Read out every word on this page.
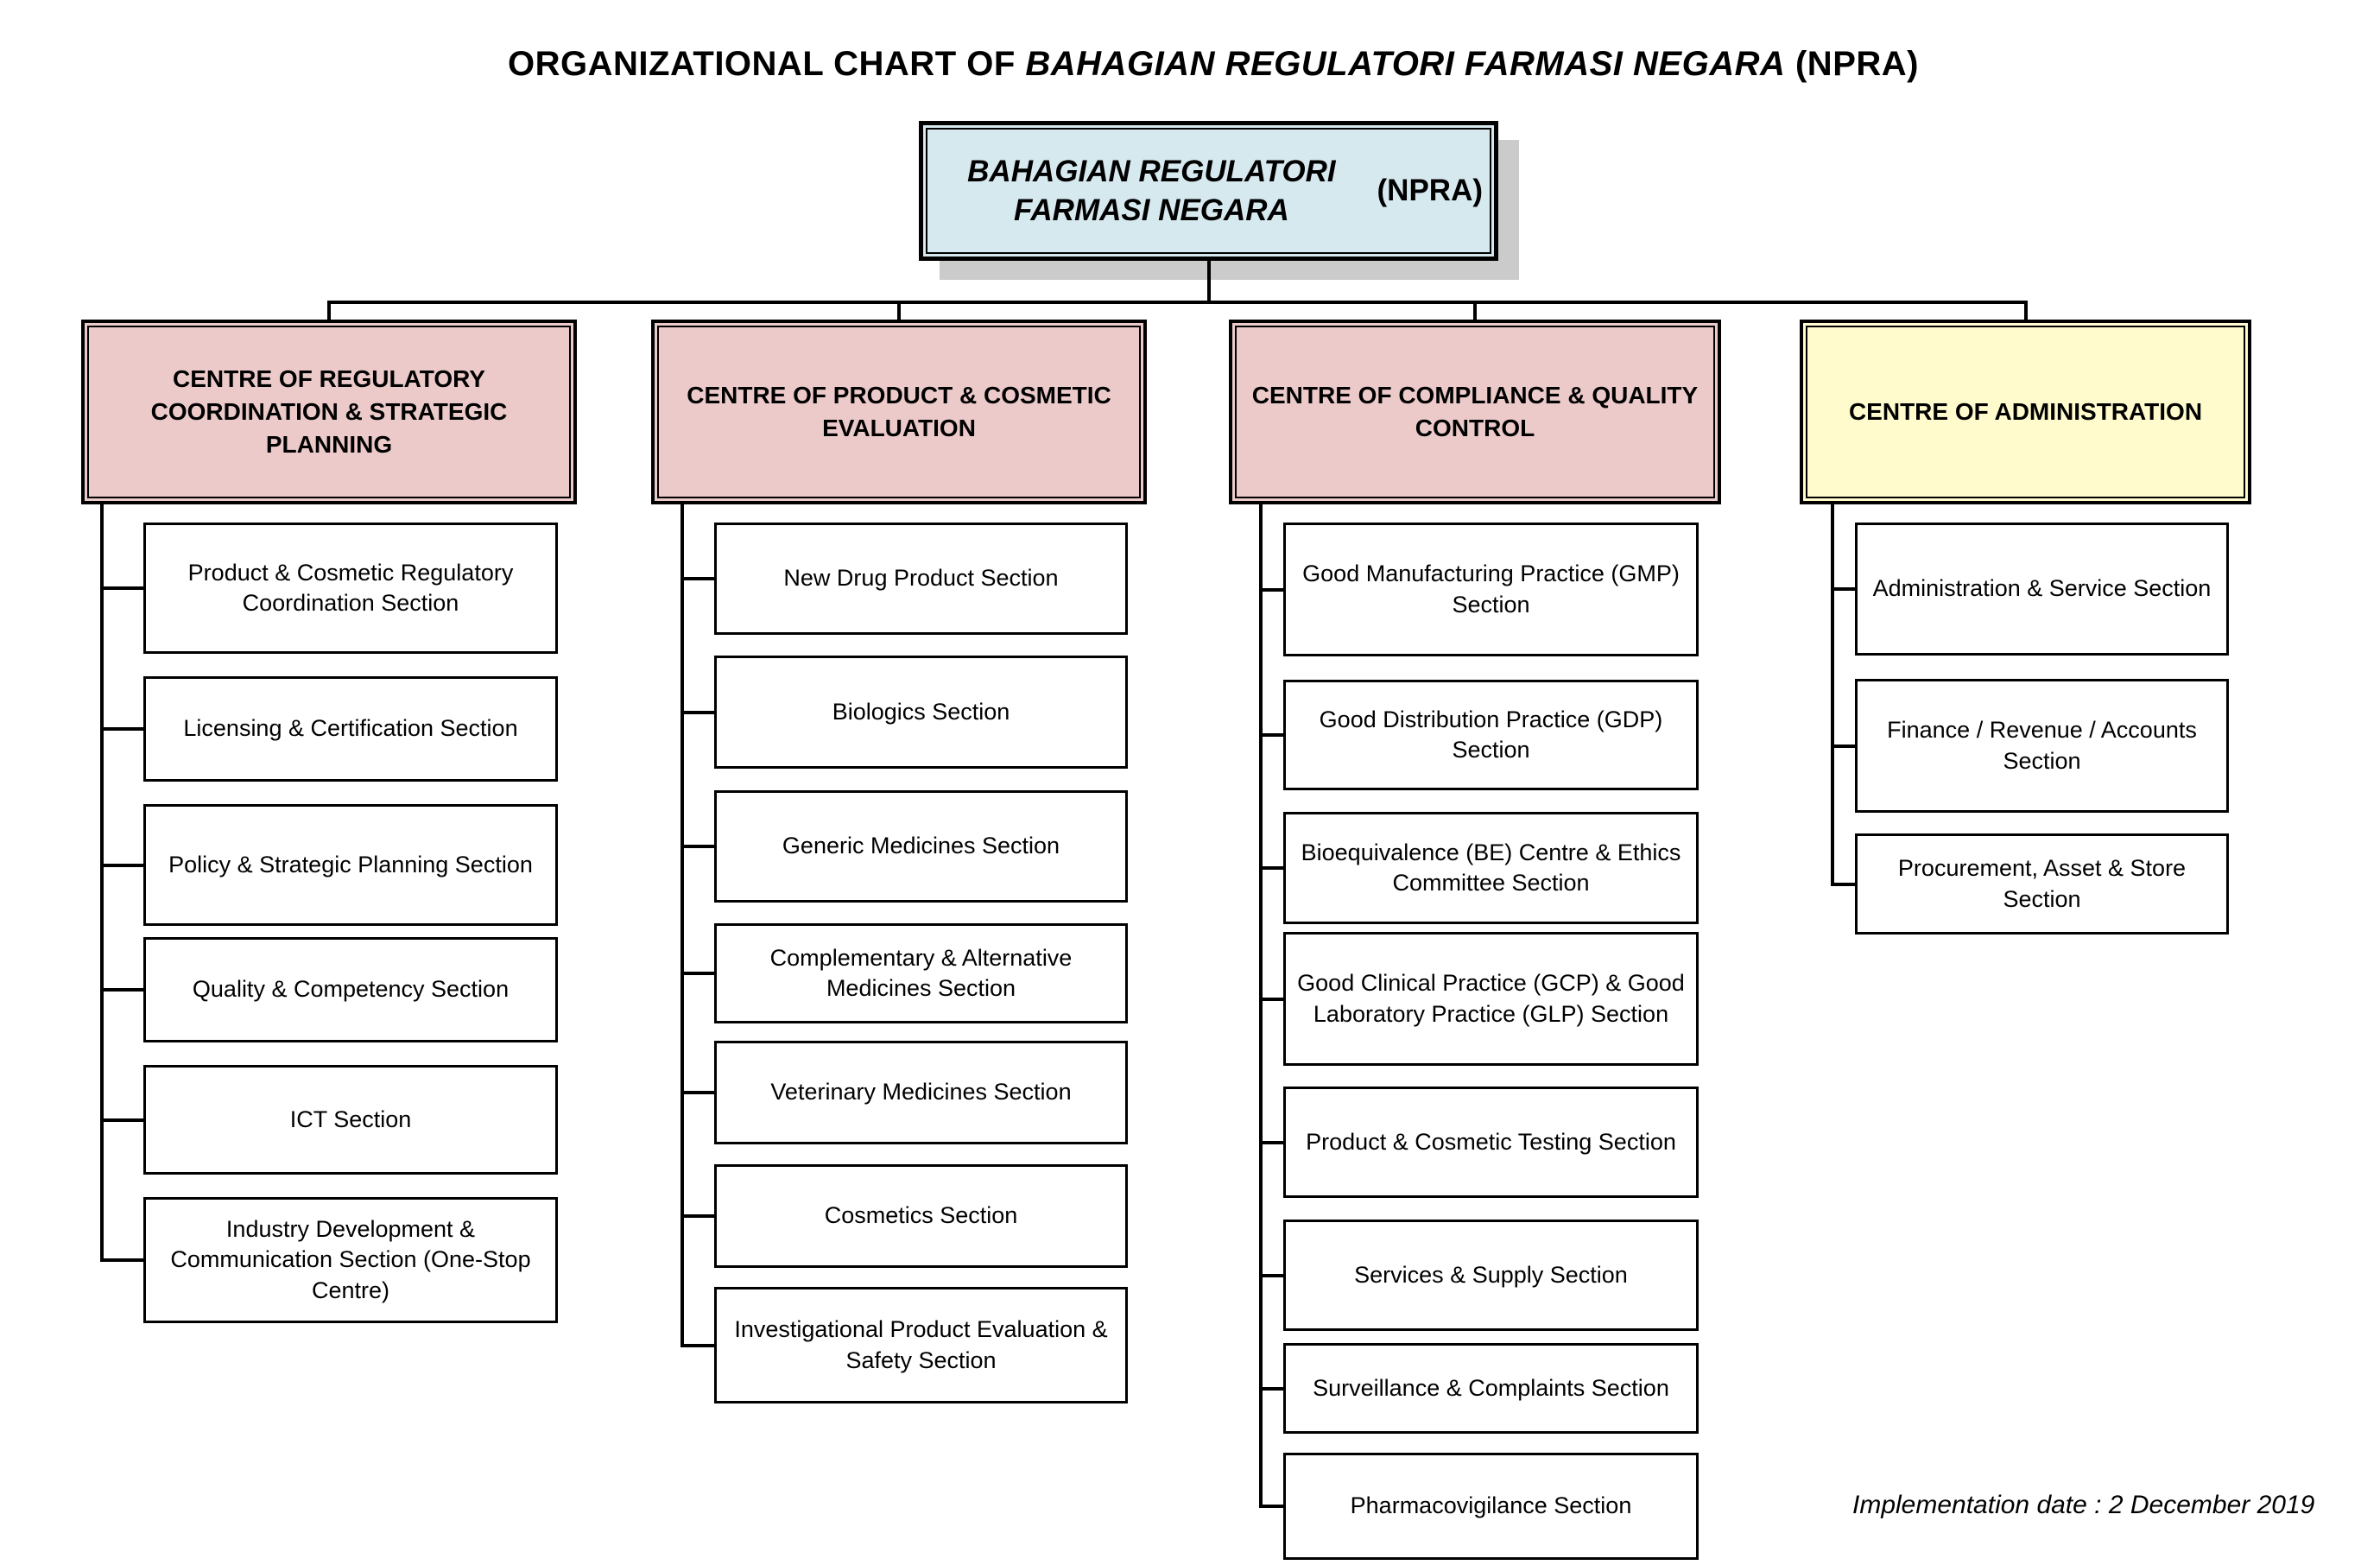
ORGANIZATIONAL CHART OF BAHAGIAN REGULATORI FARMASI NEGARA (NPRA)
BAHAGIAN REGULATORI FARMASI NEGARA

(NPRA)
CENTRE OF REGULATORY COORDINATION & STRATEGIC PLANNING
CENTRE OF PRODUCT & COSMETIC EVALUATION
CENTRE OF COMPLIANCE & QUALITY CONTROL
CENTRE OF ADMINISTRATION
Product & Cosmetic Regulatory Coordination Section
Licensing & Certification Section
Policy & Strategic Planning Section
Quality & Competency Section
ICT Section
Industry Development & Communication Section (One-Stop Centre)
New Drug Product Section
Biologics Section
Generic Medicines Section
Complementary & Alternative Medicines Section
Veterinary Medicines Section
Cosmetics Section
Investigational Product Evaluation & Safety Section
Good Manufacturing Practice (GMP) Section
Good Distribution Practice (GDP) Section
Bioequivalence (BE) Centre & Ethics Committee Section
Good Clinical Practice (GCP) & Good Laboratory Practice (GLP) Section
Product & Cosmetic Testing Section
Services & Supply Section
Surveillance & Complaints Section
Pharmacovigilance Section
Administration & Service Section
Finance / Revenue / Accounts Section
Procurement, Asset & Store Section
Implementation date : 2 December 2019
